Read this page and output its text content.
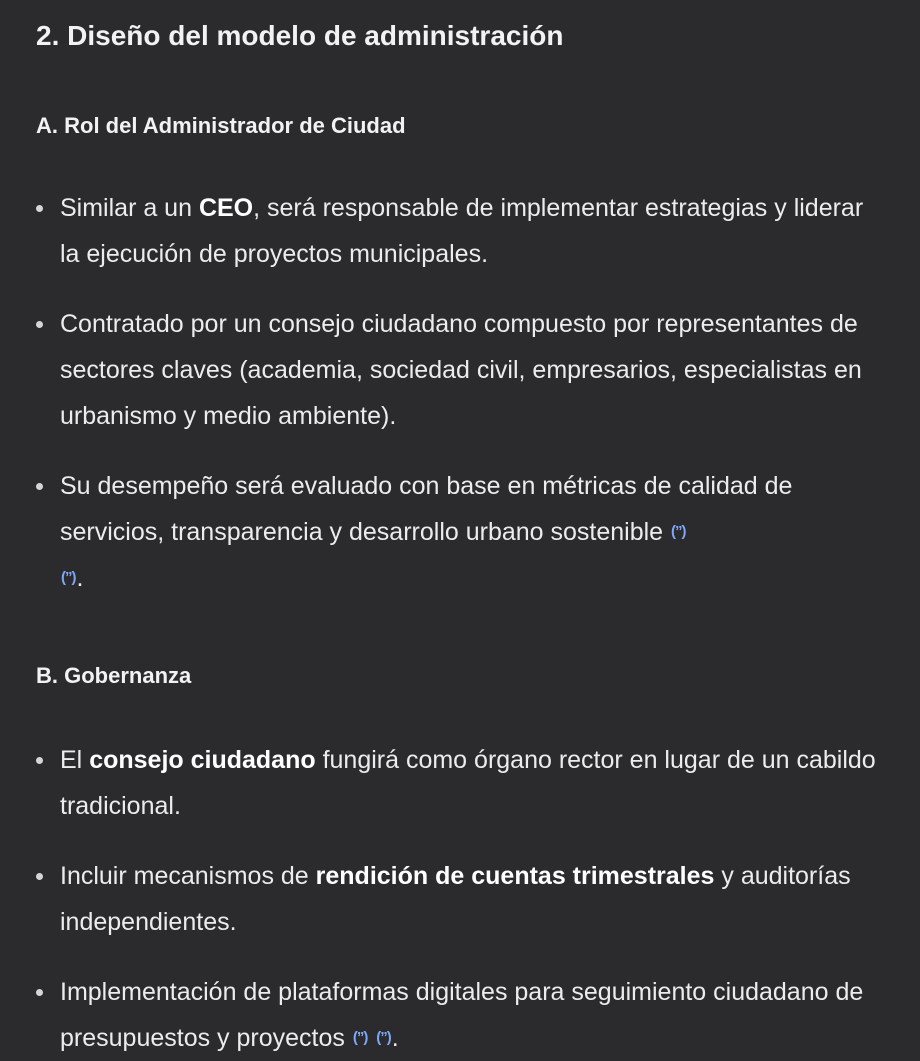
2. Diseño del modelo de administración
A. Rol del Administrador de Ciudad
Similar a un CEO, será responsable de implementar estrategias y liderar la ejecución de proyectos municipales.
Contratado por un consejo ciudadano compuesto por representantes de sectores claves (academia, sociedad civil, empresarios, especialistas en urbanismo y medio ambiente).
Su desempeño será evaluado con base en métricas de calidad de servicios, transparencia y desarrollo urbano sostenible (”)
(”).
B. Gobernanza
El consejo ciudadano fungirá como órgano rector en lugar de un cabildo tradicional.
Incluir mecanismos de rendición de cuentas trimestrales y auditorías independientes.
Implementación de plataformas digitales para seguimiento ciudadano de presupuestos y proyectos (”) (”).
